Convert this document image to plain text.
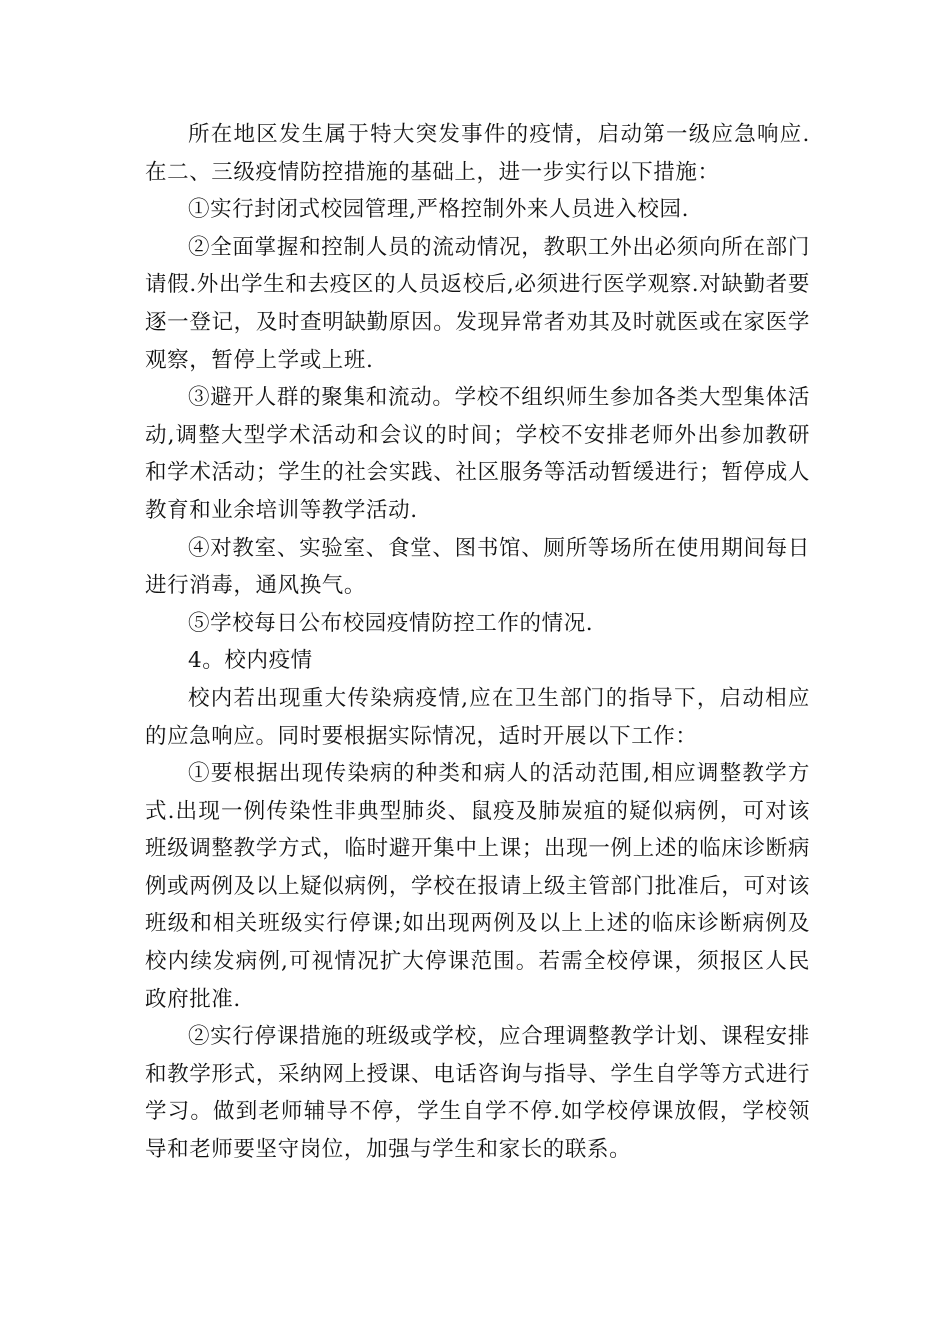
所在地区发生属于特大突发事件的疫情，启动第一级应急响应.在二、三级疫情防控措施的基础上，进一步实行以下措施：

①实行封闭式校园管理,严格控制外来人员进入校园.

②全面掌握和控制人员的流动情况，教职工外出必须向所在部门请假.外出学生和去疫区的人员返校后,必须进行医学观察.对缺勤者要逐一登记，及时查明缺勤原因。发现异常者劝其及时就医或在家医学观察，暂停上学或上班.

③避开人群的聚集和流动。学校不组织师生参加各类大型集体活动,调整大型学术活动和会议的时间；学校不安排老师外出参加教研和学术活动；学生的社会实践、社区服务等活动暂缓进行；暂停成人教育和业余培训等教学活动.

④对教室、实验室、食堂、图书馆、厕所等场所在使用期间每日进行消毒，通风换气。

⑤学校每日公布校园疫情防控工作的情况.

4。校内疫情

校内若出现重大传染病疫情,应在卫生部门的指导下，启动相应的应急响应。同时要根据实际情况，适时开展以下工作：

①要根据出现传染病的种类和病人的活动范围,相应调整教学方式.出现一例传染性非典型肺炎、鼠疫及肺炭疽的疑似病例，可对该班级调整教学方式，临时避开集中上课；出现一例上述的临床诊断病例或两例及以上疑似病例，学校在报请上级主管部门批准后，可对该班级和相关班级实行停课;如出现两例及以上上述的临床诊断病例及校内续发病例,可视情况扩大停课范围。若需全校停课，须报区人民政府批准.

②实行停课措施的班级或学校，应合理调整教学计划、课程安排和教学形式，采纳网上授课、电话咨询与指导、学生自学等方式进行学习。做到老师辅导不停，学生自学不停.如学校停课放假，学校领导和老师要坚守岗位，加强与学生和家长的联系。
